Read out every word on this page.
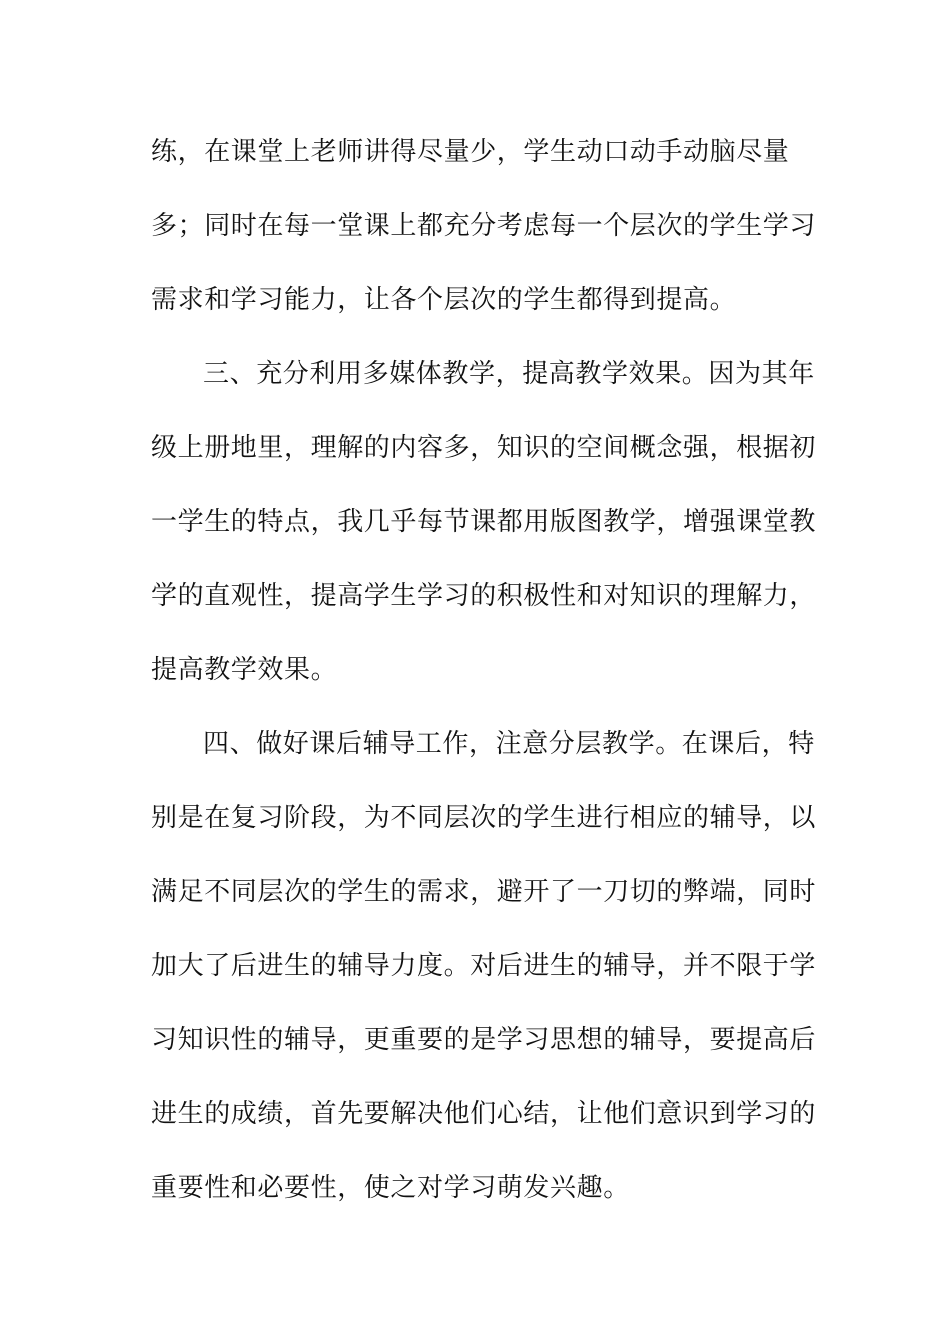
练，在课堂上老师讲得尽量少，学生动口动手动脑尽量
多；同时在每一堂课上都充分考虑每一个层次的学生学习
需求和学习能力，让各个层次的学生都得到提高。
三、充分利用多媒体教学，提高教学效果。因为其年
级上册地里，理解的内容多，知识的空间概念强，根据初
一学生的特点，我几乎每节课都用版图教学，增强课堂教
学的直观性，提高学生学习的积极性和对知识的理解力，
提高教学效果。
四、做好课后辅导工作，注意分层教学。在课后，特
别是在复习阶段，为不同层次的学生进行相应的辅导，以
满足不同层次的学生的需求，避开了一刀切的弊端，同时
加大了后进生的辅导力度。对后进生的辅导，并不限于学
习知识性的辅导，更重要的是学习思想的辅导，要提高后
进生的成绩，首先要解决他们心结，让他们意识到学习的
重要性和必要性，使之对学习萌发兴趣。
